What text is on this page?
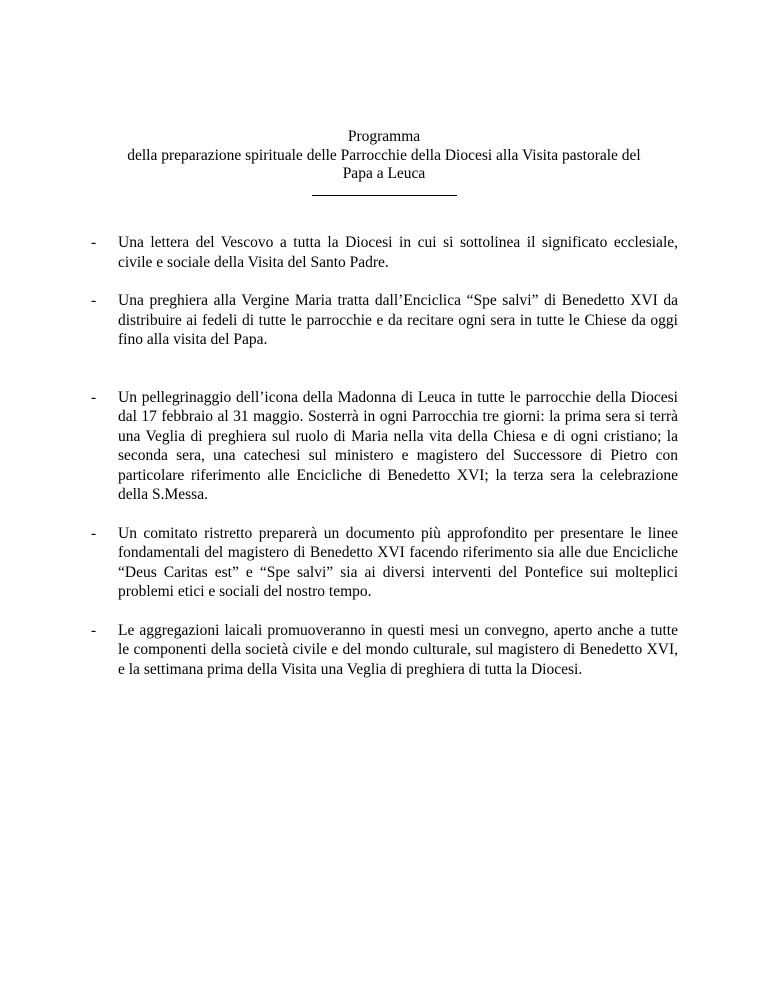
Programma
della preparazione spirituale delle Parrocchie della Diocesi alla Visita pastorale del
Papa a Leuca
- Una lettera del Vescovo a tutta la Diocesi in cui si sottolinea il significato ecclesiale, civile e sociale della Visita del Santo Padre.
- Una preghiera alla Vergine Maria tratta dall’Enciclica “Spe salvi” di Benedetto XVI da distribuire ai fedeli di tutte le parrocchie e da recitare ogni sera in tutte le Chiese da oggi fino alla visita del Papa.
- Un pellegrinaggio dell’icona della Madonna di Leuca in tutte le parrocchie della Diocesi dal 17 febbraio al 31 maggio. Sosterrà in ogni Parrocchia tre giorni: la prima sera si terrà una Veglia di preghiera sul ruolo di Maria nella vita della Chiesa e di ogni cristiano; la seconda sera, una catechesi sul ministero e magistero del Successore di Pietro con particolare riferimento alle Encicliche di Benedetto XVI; la terza sera la celebrazione della S.Messa.
- Un comitato ristretto preparerà un documento più approfondito per presentare le linee fondamentali del magistero di Benedetto XVI facendo riferimento sia alle due Encicliche “Deus Caritas est” e “Spe salvi” sia ai diversi interventi del Pontefice sui molteplici problemi etici e sociali del nostro tempo.
- Le aggregazioni laicali promuoveranno in questi mesi un convegno, aperto anche a tutte le componenti della società civile e del mondo culturale, sul magistero di Benedetto XVI, e la settimana prima della Visita una Veglia di preghiera di tutta la Diocesi.
